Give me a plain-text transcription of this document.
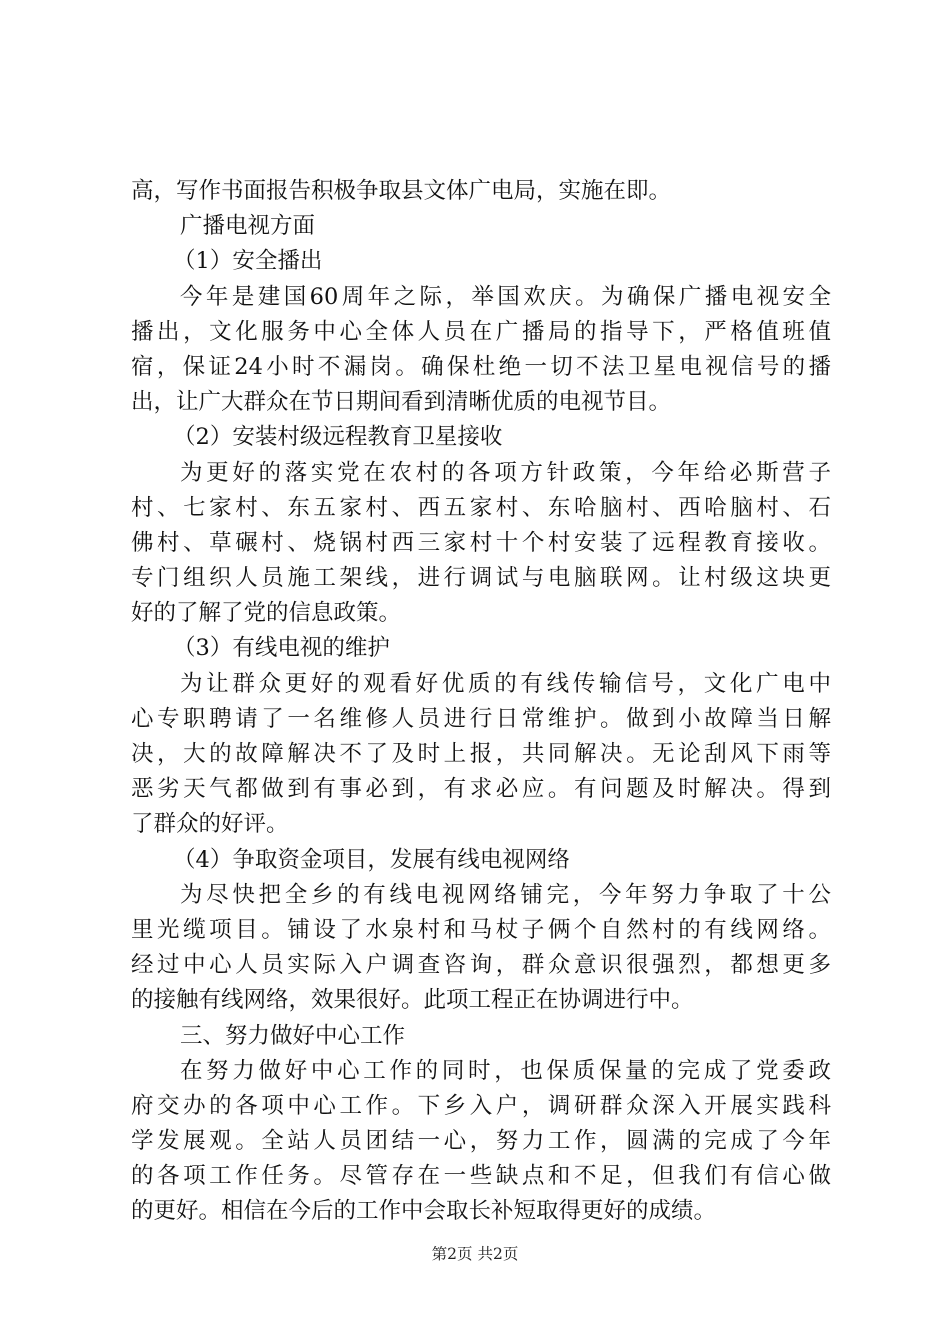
高，写作书面报告积极争取县文体广电局，实施在即。
广播电视方面
（1）安全播出
今年是建国60周年之际，举国欢庆。为确保广播电视安全
播出，文化服务中心全体人员在广播局的指导下，严格值班值
宿，保证24小时不漏岗。确保杜绝一切不法卫星电视信号的播
出，让广大群众在节日期间看到清晰优质的电视节目。
（2）安装村级远程教育卫星接收
为更好的落实党在农村的各项方针政策，今年给必斯营子
村、七家村、东五家村、西五家村、东哈脑村、西哈脑村、石
佛村、草碾村、烧锅村西三家村十个村安装了远程教育接收。
专门组织人员施工架线，进行调试与电脑联网。让村级这块更
好的了解了党的信息政策。
（3）有线电视的维护
为让群众更好的观看好优质的有线传输信号，文化广电中
心专职聘请了一名维修人员进行日常维护。做到小故障当日解
决，大的故障解决不了及时上报，共同解决。无论刮风下雨等
恶劣天气都做到有事必到，有求必应。有问题及时解决。得到
了群众的好评。
（4）争取资金项目，发展有线电视网络
为尽快把全乡的有线电视网络铺完，今年努力争取了十公
里光缆项目。铺设了水泉村和马杖子俩个自然村的有线网络。
经过中心人员实际入户调查咨询，群众意识很强烈，都想更多
的接触有线网络，效果很好。此项工程正在协调进行中。
三、努力做好中心工作
在努力做好中心工作的同时，也保质保量的完成了党委政
府交办的各项中心工作。下乡入户，调研群众深入开展实践科
学发展观。全站人员团结一心，努力工作，圆满的完成了今年
的各项工作任务。尽管存在一些缺点和不足，但我们有信心做
的更好。相信在今后的工作中会取长补短取得更好的成绩。
第2页 共2页
